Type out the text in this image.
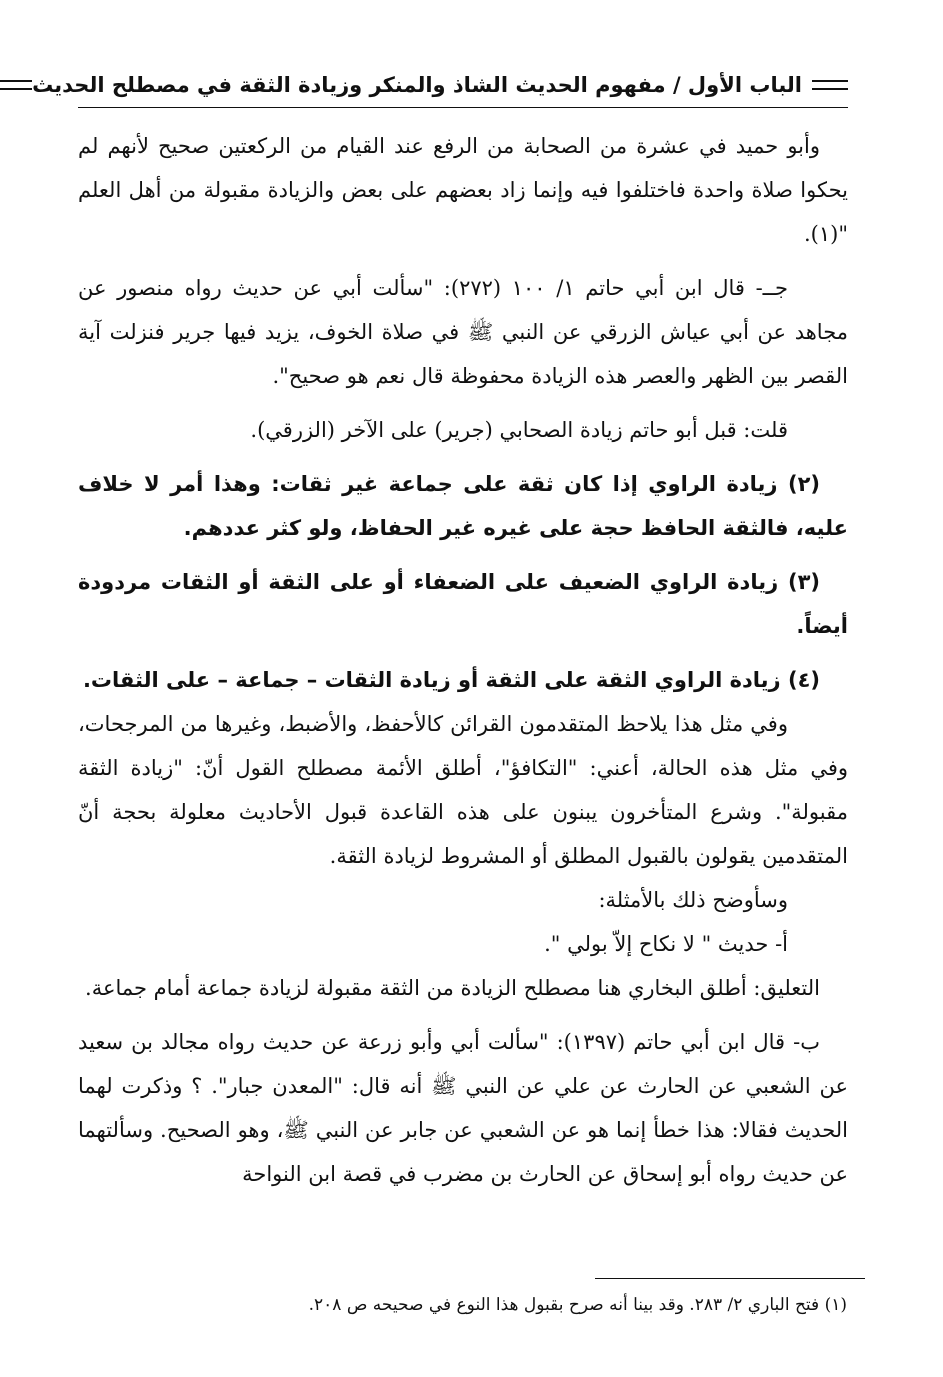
الباب الأول / مفهوم الحديث الشاذ والمنكر وزيادة الثقة في مصطلح الحديث

وأبو حميد في عشرة من الصحابة من الرفع عند القيام من الركعتين صحيح لأنهم لم يحكوا صلاة واحدة فاختلفوا فيه وإنما زاد بعضهم على بعض والزيادة مقبولة من أهل العلم "(١).

جــ- قال ابن أبي حاتم ١/ ١٠٠ (٢٧٢): "سألت أبي عن حديث رواه منصور عن مجاهد عن أبي عياش الزرقي عن النبي ﷺ في صلاة الخوف، يزيد فيها جرير فنزلت آية القصر بين الظهر والعصر هذه الزيادة محفوظة قال نعم هو صحيح".

قلت: قبل أبو حاتم زيادة الصحابي (جرير) على الآخر (الزرقي).

(٢) زيادة الراوي إذا كان ثقة على جماعة غير ثقات: وهذا أمر لا خلاف عليه، فالثقة الحافظ حجة على غيره غير الحفاظ، ولو كثر عددهم.

(٣) زيادة الراوي الضعيف على الضعفاء أو على الثقة أو الثقات مردودة أيضاً.

(٤) زيادة الراوي الثقة على الثقة أو زيادة الثقات – جماعة – على الثقات.

وفي مثل هذا يلاحظ المتقدمون القرائن كالأحفظ، والأضبط، وغيرها من المرجحات، وفي مثل هذه الحالة، أعني: "التكافؤ"، أطلق الأئمة مصطلح القول أنّ: "زيادة الثقة مقبولة". وشرع المتأخرون يبنون على هذه القاعدة قبول الأحاديث معلولة بحجة أنّ المتقدمين يقولون بالقبول المطلق أو المشروط لزيادة الثقة.

وسأوضح ذلك بالأمثلة:

أ- حديث " لا نكاح إلاّ بولي ".

التعليق: أطلق البخاري هنا مصطلح الزيادة من الثقة مقبولة لزيادة جماعة أمام جماعة.

ب- قال ابن أبي حاتم (١٣٩٧): "سألت أبي وأبو زرعة عن حديث رواه مجالد بن سعيد عن الشعبي عن الحارث عن علي عن النبي ﷺ أنه قال: "المعدن جبار". ؟ وذكرت لهما الحديث فقالا: هذا خطأ إنما هو عن الشعبي عن جابر عن النبي ﷺ، وهو الصحيح. وسألتهما عن حديث رواه أبو إسحاق عن الحارث بن مضرب في قصة ابن النواحة

(١) فتح الباري ٢/ ٢٨٣. وقد بينا أنه صرح بقبول هذا النوع في صحيحه ص ٢٠٨.
